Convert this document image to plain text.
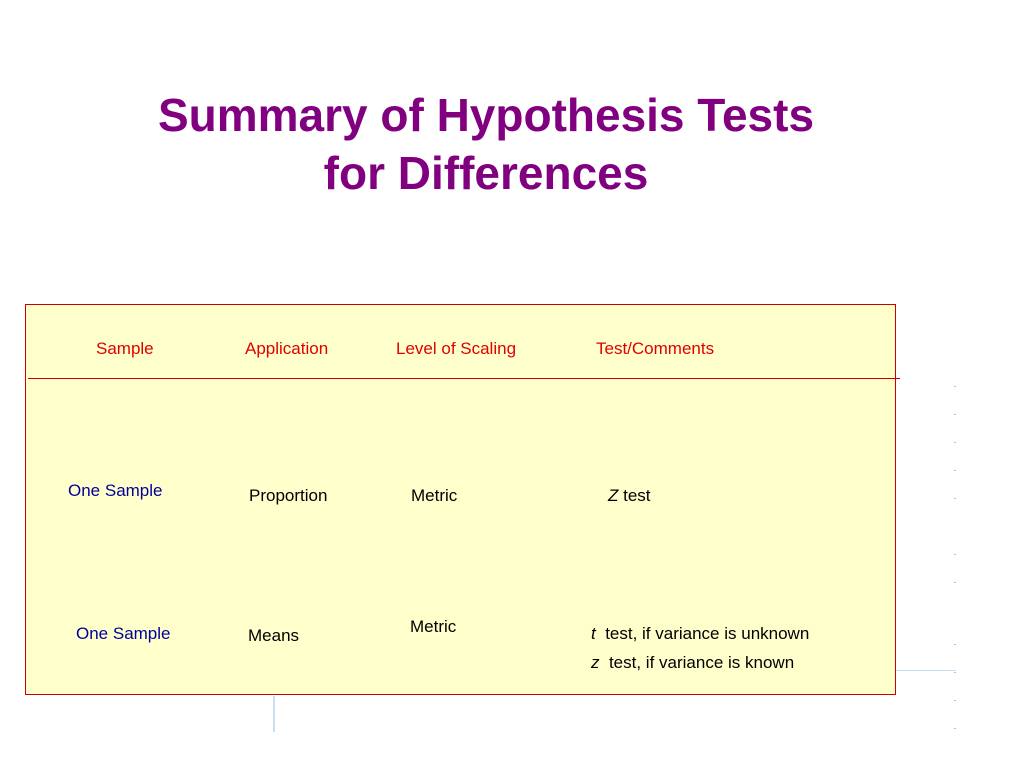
Summary of Hypothesis Tests
for Differences
Sample	Application	Level of Scaling	Test/Comments
One Sample	Proportion	Metric	Z test
One Sample	Means	Metric	t test, if variance is unknown
z test, if variance is known
